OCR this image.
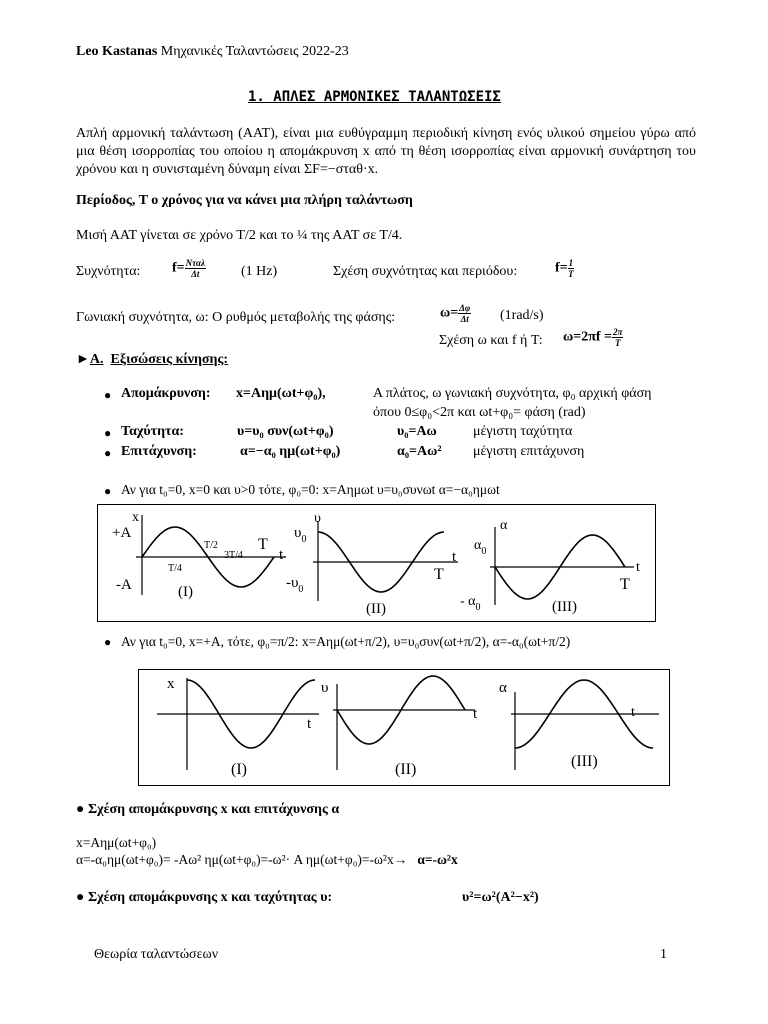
Leo Kastanas Μηχανικές Ταλαντώσεις 2022-23
1. ΑΠΛΕΣ ΑΡΜΟΝΙΚΕΣ ΤΑΛΑΝΤΩΣΕΙΣ
Απλή αρμονική ταλάντωση (ΑΑΤ), είναι μια ευθύγραμμη περιοδική κίνηση ενός υλικού σημείου γύρω από μια θέση ισορροπίας του οποίου η απομάκρυνση x από τη θέση ισορροπίας είναι αρμονική συνάρτηση του χρόνου και η συνισταμένη δύναμη είναι ΣF=−σταθ·x.
Περίοδος, Τ ο χρόνος για να κάνει μια πλήρη ταλάντωση
Μισή ΑΑΤ γίνεται σε χρόνο Τ/2 και το ¼ της ΑΑΤ σε Τ/4.
Συχνότητα: $f= \frac{\text{Νταλ}}{\Delta t}$	(1 Hz)	Σχέση συχνότητας και περιόδου:	$f= \frac{1}{T}$
Γωνιακή συχνότητα, ω: Ο ρυθμός μεταβολής της φάσης:	$\omega= \frac{\Delta\varphi}{\Delta t} (1rad/s)$
Σχέση ω και f ή T: $\omega=2\pi f = \frac{2\pi}{T}$
►Α. Εξισώσεις κίνησης:
● Απομάκρυνση: x=Aημ(ωt+φ₀),	Α πλάτος, ω γωνιακή συχνότητα, φ₀ αρχική φάση
όπου 0≤φ₀<2π και ωt+φ₀= φάση (rad)
● Ταχύτητα:	υ=υ₀ συν(ωt+φ₀)	υ₀=Aω	μέγιστη ταχύτητα
● Επιτάχυνση:	α=−α₀ ημ(ωt+φ₀)	α₀=Aω² μέγιστη επιτάχυνση
● Αν για t₀=0, x=0 και υ>0 τότε, φ₀=0: x=Aημωt υ=υ₀συνωt α=−α₀ημωt
x
+A
-A
T/2
3T/4
T/4
T
t
(I)
υ
$\upsilon_0$
$-\upsilon_0$
t
T
(II)
α
$\alpha_0$
- $\alpha_0$
t
T
(III)
● Αν για t₀=0, x=+A, τότε, φ₀=π/2: x=Aημ(ωt+π/2), υ=υ₀συν(ωt+π/2), α=-α₀(ωt+π/2)
x
t
(I)
υ
t
(II)
α
t
(III)
● Σχέση απομάκρυνσης x και επιτάχυνσης α
x=Aημ(ωt+φ₀)
α=-α₀ημ(ωt+φ₀)= -Aω² ημ(ωt+φ₀)=-ω²· A ημ(ωt+φ₀)=-ω²x→ α=-ω²x
● Σχέση απομάκρυνσης x και ταχύτητας υ:	υ²=ω²(A²−x²)
Θεωρία ταλαντώσεων	1
